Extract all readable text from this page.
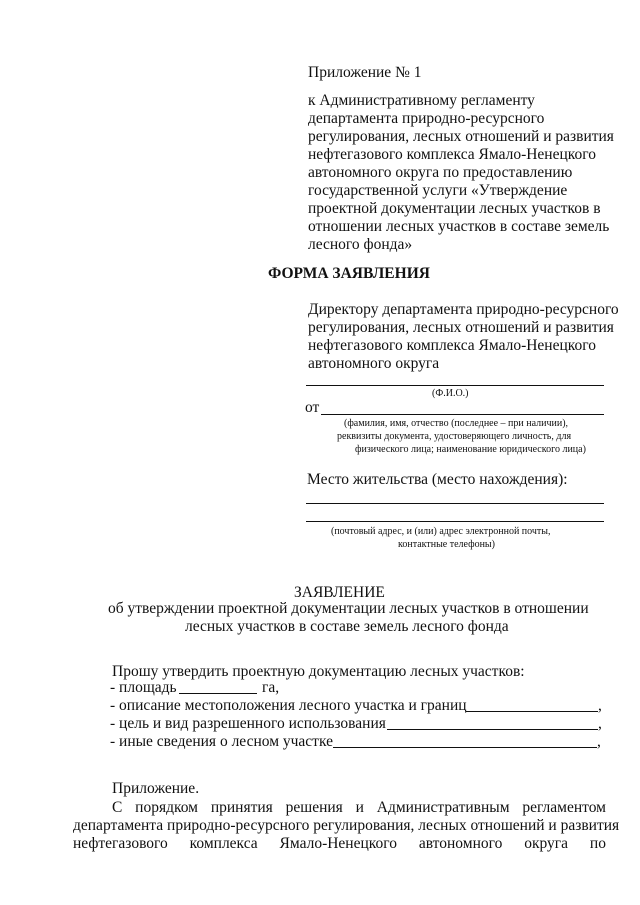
Приложение № 1
к Административному регламенту
департамента природно-ресурсного
регулирования, лесных отношений и развития
нефтегазового комплекса Ямало-Ненецкого
автономного округа по предоставлению
государственной услуги «Утверждение
проектной документации лесных участков в
отношении лесных участков в составе земель
лесного фонда»
ФОРМА ЗАЯВЛЕНИЯ
Директору департамента природно-ресурсного
регулирования, лесных отношений и развития
нефтегазового комплекса Ямало-Ненецкого
автономного округа
(Ф.И.О.)
от
(фамилия, имя, отчество (последнее – при наличии),
реквизиты документа, удостоверяющего личность, для
физического лица; наименование юридического лица)
Место жительства (место нахождения):
(почтовый адрес, и (или) адрес электронной почты,
контактные телефоны)
ЗАЯВЛЕНИЕ
об утверждении проектной документации лесных участков в отношении
лесных участков в составе земель лесного фонда
Прошу утвердить проектную документацию лесных участков:
- площадь	га,
- описание местоположения лесного участка и границ	,
- цель и вид разрешенного использования	,
- иные сведения о лесном участке	,
Приложение.
С порядком принятия решения и Административным регламентом
департамента природно-ресурсного регулирования, лесных отношений и развития
нефтегазового комплекса Ямало-Ненецкого автономного округа по
